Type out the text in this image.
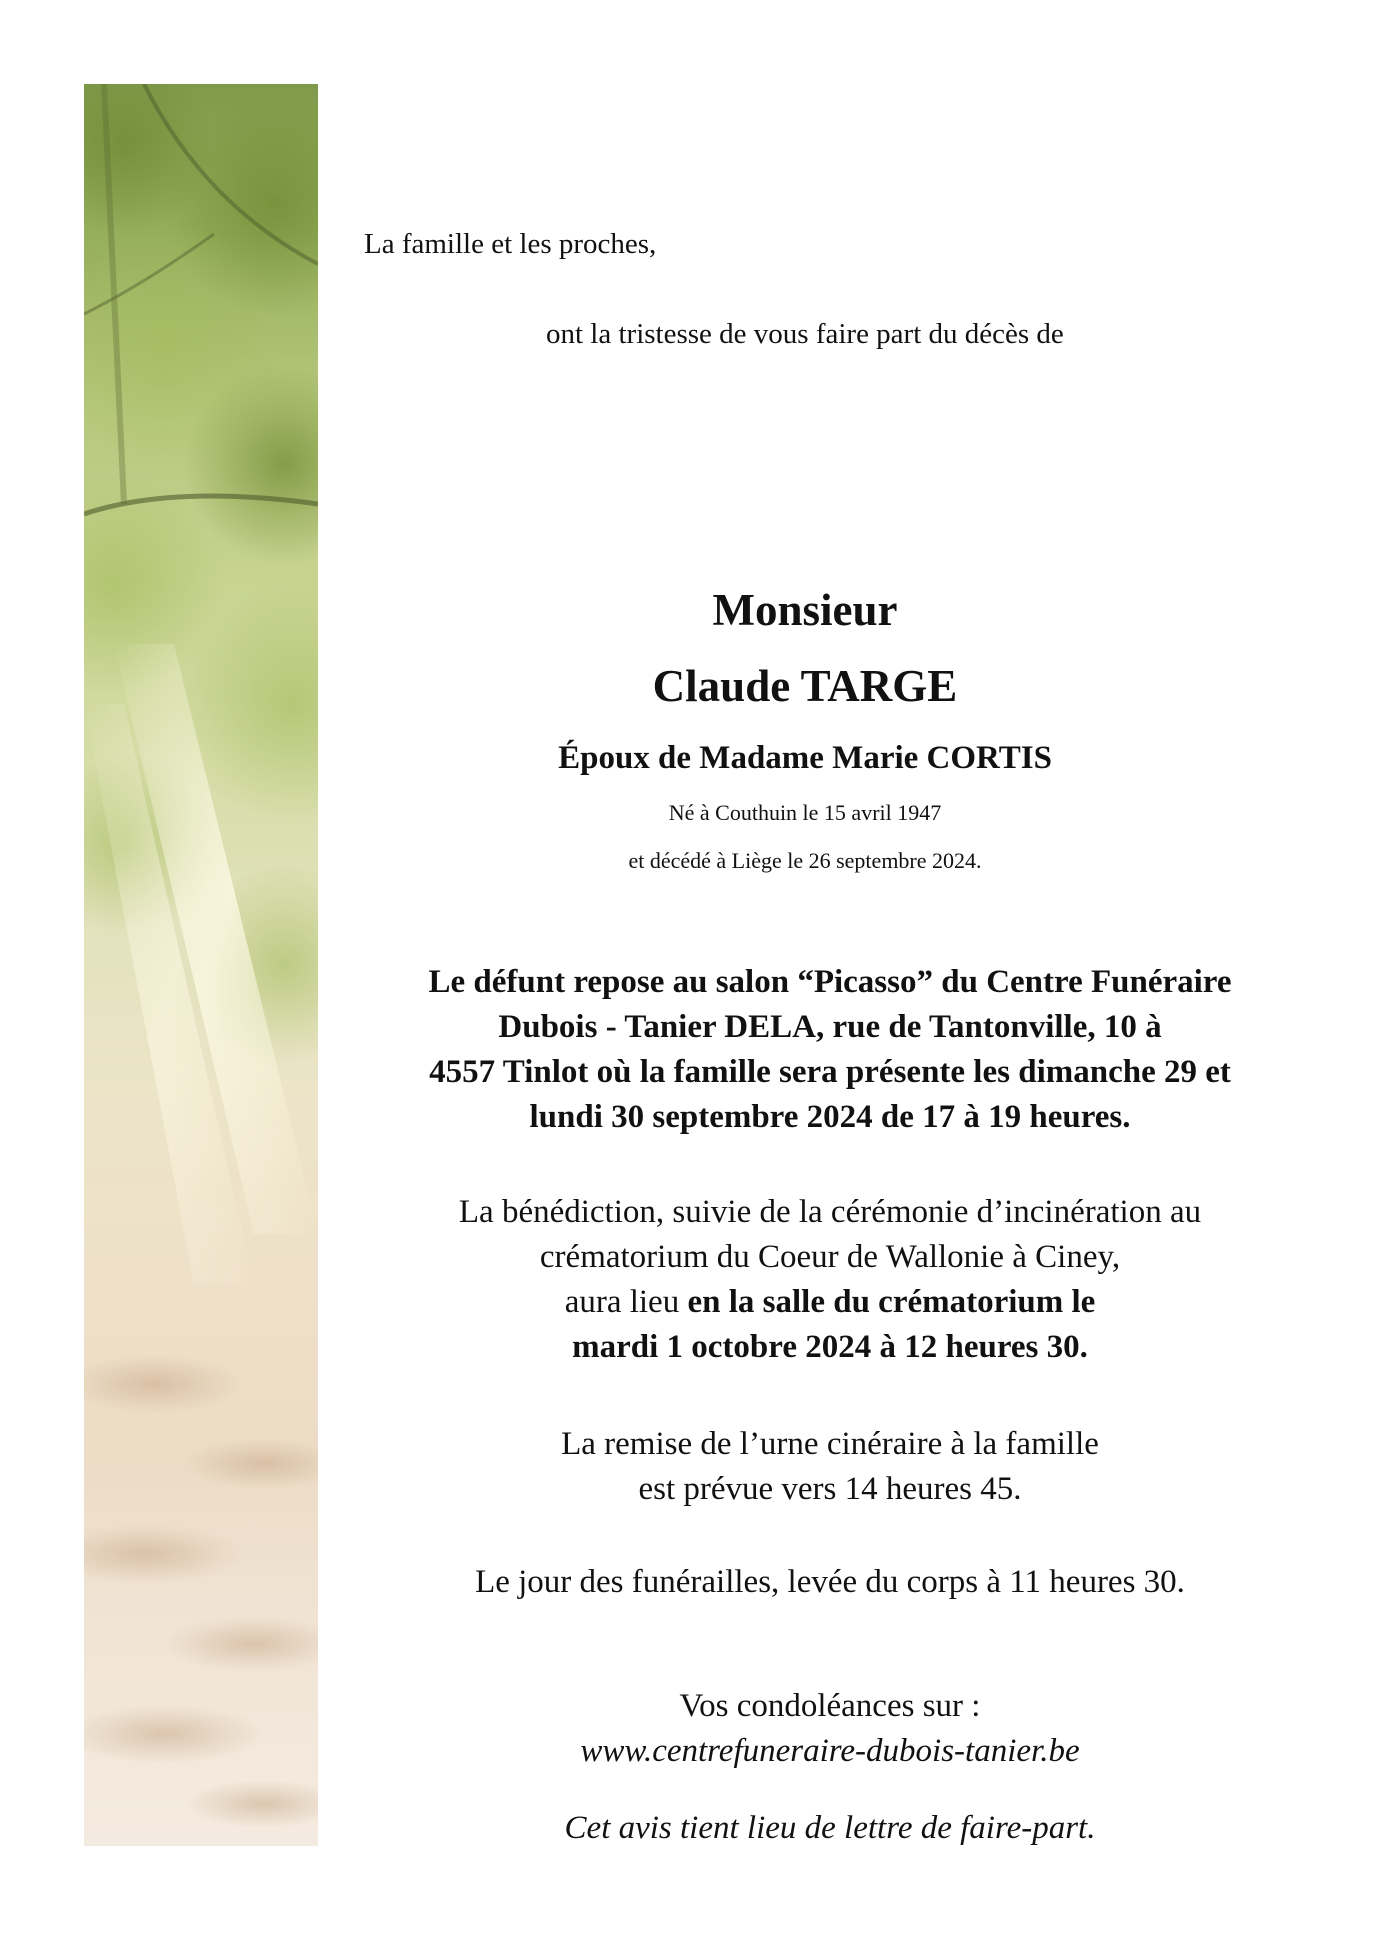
La famille et les proches,

ont la tristesse de vous faire part du décès de

Monsieur

Claude TARGE

Époux de Madame Marie CORTIS

Né à Couthuin le 15 avril 1947

et décédé à Liège le 26 septembre 2024.

Le défunt repose au salon “Picasso” du Centre Funéraire
Dubois - Tanier DELA, rue de Tantonville, 10 à
4557 Tinlot où la famille sera présente les dimanche 29 et
lundi 30 septembre 2024 de 17 à 19 heures.
La bénédiction, suivie de la cérémonie d’incinération au
crématorium du Coeur de Wallonie à Ciney,
aura lieu en la salle du crématorium le
mardi 1 octobre 2024 à 12 heures 30.
La remise de l’urne cinéraire à la famille
est prévue vers 14 heures 45.

Le jour des funérailles, levée du corps à 11 heures 30.

Vos condoléances sur :
www.centrefuneraire-dubois-tanier.be

Cet avis tient lieu de lettre de faire-part.
